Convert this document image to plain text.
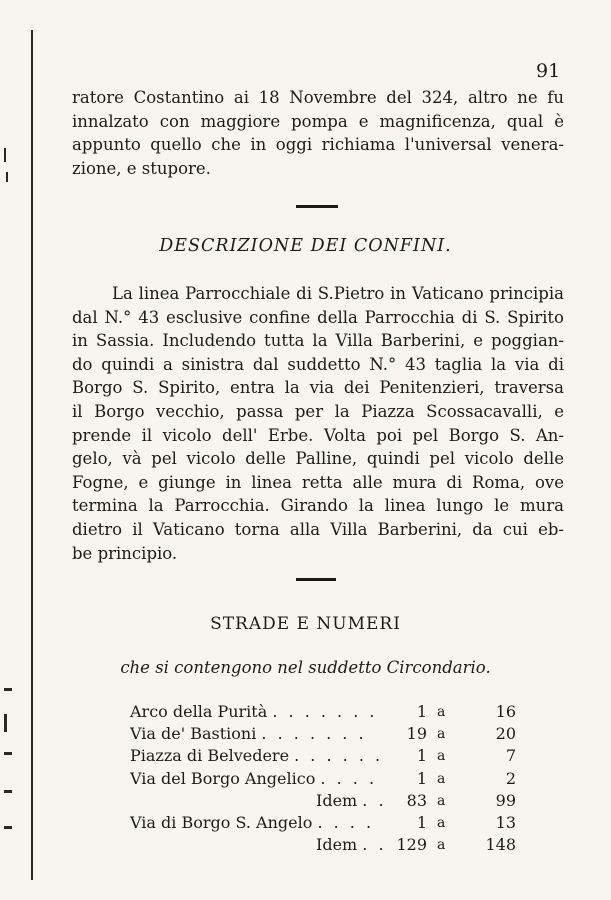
91
ratore Costantino ai 18 Novembre del 324, altro ne fu
innalzato con maggiore pompa e magnificenza, qual è
appunto quello che in oggi richiama l'universal venera-
zione, e stupore.
DESCRIZIONE DEI CONFINI.
La linea Parrocchiale di S.Pietro in Vaticano principia
dal N.° 43 esclusive confine della Parrocchia di S. Spirito
in Sassia. Includendo tutta la Villa Barberini, e poggian-
do quindi a sinistra dal suddetto N.° 43 taglia la via di
Borgo S. Spirito, entra la via dei Penitenzieri, traversa
il Borgo vecchio, passa per la Piazza Scossacavalli, e
prende il vicolo dell' Erbe. Volta poi pel Borgo S. An-
gelo, và pel vicolo delle Palline, quindi pel vicolo delle
Fogne, e giunge in linea retta alle mura di Roma, ove
termina la Parrocchia. Girando la linea lungo le mura
dietro il Vaticano torna alla Villa Barberini, da cui eb-
be principio.
STRADE E NUMERI
che si contengono nel suddetto Circondario.
Arco della Purità . . . . . . . 1 a	16
Via de' Bastioni . . . . . . .	19 a	20
Piazza di Belvedere . . . . . . 1 a	7
Via del Borgo Angelico . . . . 1 a	2
Idem . . 83 a	99
Via di Borgo S. Angelo . . . .	1 a	13
Idem . . 129 a	148
